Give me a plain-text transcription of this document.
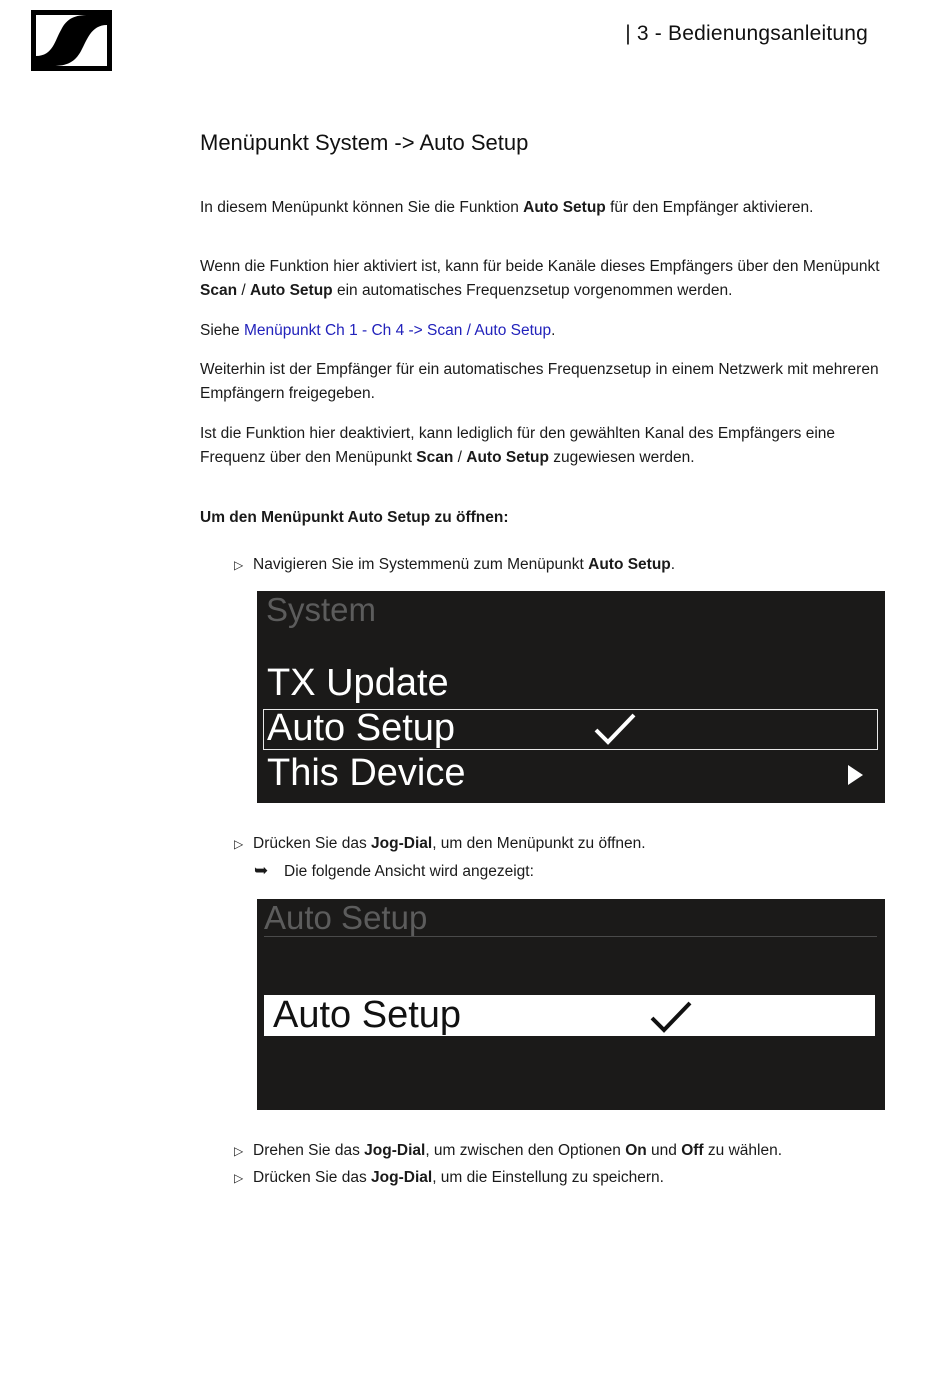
| 3 - Bedienungsanleitung
Menüpunkt System -> Auto Setup

In diesem Menüpunkt können Sie die Funktion Auto Setup für den Empfänger aktivieren.

Wenn die Funktion hier aktiviert ist, kann für beide Kanäle dieses Empfängers über den Menüpunkt Scan / Auto Setup ein automatisches Frequenzsetup vorgenommen werden.

Siehe Menüpunkt Ch 1 - Ch 4 -> Scan / Auto Setup.

Weiterhin ist der Empfänger für ein automatisches Frequenzsetup in einem Netzwerk mit mehreren Empfängern freigegeben.

Ist die Funktion hier deaktiviert, kann lediglich für den gewählten Kanal des Empfängers eine Frequenz über den Menüpunkt Scan / Auto Setup zugewiesen werden.

Um den Menüpunkt Auto Setup zu öffnen:

▷ Navigieren Sie im Systemmenü zum Menüpunkt Auto Setup.
System
TX Update
Auto Setup
This Device
▷ Drücken Sie das Jog-Dial, um den Menüpunkt zu öffnen.
➥ Die folgende Ansicht wird angezeigt:
Auto Setup
Auto Setup
▷ Drehen Sie das Jog-Dial, um zwischen den Optionen On und Off zu wählen.
▷ Drücken Sie das Jog-Dial, um die Einstellung zu speichern.
